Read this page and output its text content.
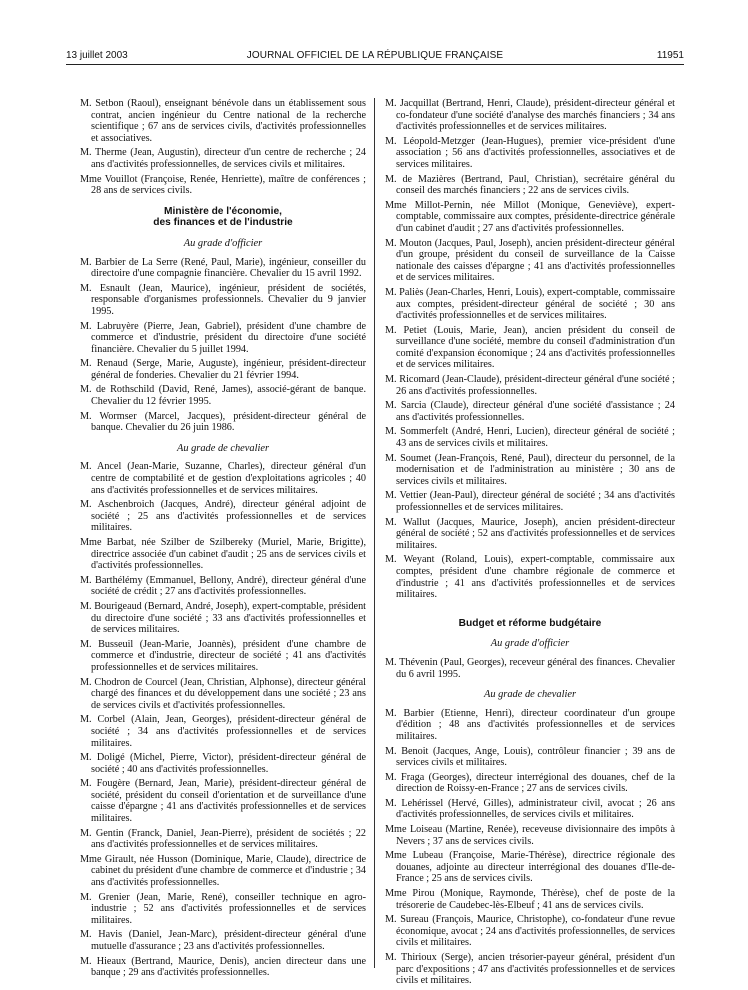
13 juillet 2003	JOURNAL OFFICIEL DE LA RÉPUBLIQUE FRANÇAISE	11951

M. Setbon (Raoul), enseignant bénévole dans un établissement sous contrat, ancien ingénieur du Centre national de la recherche scientifique ; 67 ans de services civils, d'activités professionnelles et associatives.

M. Therme (Jean, Augustin), directeur d'un centre de recherche ; 24 ans d'activités professionnelles, de services civils et militaires.

Mme Vouillot (Françoise, Renée, Henriette), maître de conférences ; 28 ans de services civils.

Ministère de l'économie,
des finances et de l'industrie
Au grade d'officier

M. Barbier de La Serre (René, Paul, Marie), ingénieur, conseiller du directoire d'une compagnie financière. Chevalier du 15 avril 1992.

M. Esnault (Jean, Maurice), ingénieur, président de sociétés, responsable d'organismes professionnels. Chevalier du 9 janvier 1995.

M. Labruyère (Pierre, Jean, Gabriel), président d'une chambre de commerce et d'industrie, président du directoire d'une société financière. Chevalier du 5 juillet 1994.

M. Renaud (Serge, Marie, Auguste), ingénieur, président-directeur général de fonderies. Chevalier du 21 février 1994.

M. de Rothschild (David, René, James), associé-gérant de banque. Chevalier du 12 février 1995.

M. Wormser (Marcel, Jacques), président-directeur général de banque. Chevalier du 26 juin 1986.

Au grade de chevalier

M. Ancel (Jean-Marie, Suzanne, Charles), directeur général d'un centre de comptabilité et de gestion d'exploitations agricoles ; 40 ans d'activités professionnelles et de services militaires.

M. Aschenbroich (Jacques, André), directeur général adjoint de société ; 25 ans d'activités professionnelles et de services militaires.

Mme Barbat, née Szilber de Szilbereky (Muriel, Marie, Brigitte), directrice associée d'un cabinet d'audit ; 25 ans de services civils et d'activités professionnelles.

M. Barthélémy (Emmanuel, Bellony, André), directeur général d'une société de crédit ; 27 ans d'activités professionnelles.

M. Bourigeaud (Bernard, André, Joseph), expert-comptable, président du directoire d'une société ; 33 ans d'activités professionnelles et de services militaires.

M. Busseuil (Jean-Marie, Joannès), président d'une chambre de commerce et d'industrie, directeur de société ; 41 ans d'activités professionnelles et de services militaires.

M. Chodron de Courcel (Jean, Christian, Alphonse), directeur général chargé des finances et du développement dans une société ; 23 ans de services civils et d'activités professionnelles.

M. Corbel (Alain, Jean, Georges), président-directeur général de société ; 34 ans d'activités professionnelles et de services militaires.

M. Doligé (Michel, Pierre, Victor), président-directeur général de société ; 40 ans d'activités professionnelles.

M. Fougère (Bernard, Jean, Marie), président-directeur général de société, président du conseil d'orientation et de surveillance d'une caisse d'épargne ; 41 ans d'activités professionnelles et de services militaires.

M. Gentin (Franck, Daniel, Jean-Pierre), président de sociétés ; 22 ans d'activités professionnelles et de services militaires.

Mme Girault, née Husson (Dominique, Marie, Claude), directrice de cabinet du président d'une chambre de commerce et d'industrie ; 34 ans d'activités professionnelles.

M. Grenier (Jean, Marie, René), conseiller technique en agro-industrie ; 52 ans d'activités professionnelles et de services militaires.

M. Havis (Daniel, Jean-Marc), président-directeur général d'une mutuelle d'assurance ; 23 ans d'activités professionnelles.

M. Hieaux (Bertrand, Maurice, Denis), ancien directeur dans une banque ; 29 ans d'activités professionnelles.

M. Jacquillat (Bertrand, Henri, Claude), président-directeur général et co-fondateur d'une société d'analyse des marchés financiers ; 34 ans d'activités professionnelles et de services militaires.

M. Léopold-Metzger (Jean-Hugues), premier vice-président d'une association ; 56 ans d'activités professionnelles, associatives et de services militaires.

M. de Mazières (Bertrand, Paul, Christian), secrétaire général du conseil des marchés financiers ; 22 ans de services civils.

Mme Millot-Pernin, née Millot (Monique, Geneviève), expert-comptable, commissaire aux comptes, présidente-directrice générale d'un cabinet d'audit ; 27 ans d'activités professionnelles.

M. Mouton (Jacques, Paul, Joseph), ancien président-directeur général d'un groupe, président du conseil de surveillance de la Caisse nationale des caisses d'épargne ; 41 ans d'activités professionnelles et de services militaires.

M. Paliès (Jean-Charles, Henri, Louis), expert-comptable, commissaire aux comptes, président-directeur général de société ; 30 ans d'activités professionnelles et de services militaires.

M. Petiet (Louis, Marie, Jean), ancien président du conseil de surveillance d'une société, membre du conseil d'administration d'un comité d'expansion économique ; 24 ans d'activités professionnelles et de services militaires.

M. Ricomard (Jean-Claude), président-directeur général d'une société ; 26 ans d'activités professionnelles.

M. Sarcia (Claude), directeur général d'une société d'assistance ; 24 ans d'activités professionnelles.

M. Sommerfelt (André, Henri, Lucien), directeur général de société ; 43 ans de services civils et militaires.

M. Soumet (Jean-François, René, Paul), directeur du personnel, de la modernisation et de l'administration au ministère ; 30 ans de services civils et militaires.

M. Vettier (Jean-Paul), directeur général de société ; 34 ans d'activités professionnelles et de services militaires.

M. Wallut (Jacques, Maurice, Joseph), ancien président-directeur général de société ; 52 ans d'activités professionnelles et de services militaires.

M. Weyant (Roland, Louis), expert-comptable, commissaire aux comptes, président d'une chambre régionale de commerce et d'industrie ; 41 ans d'activités professionnelles et de services militaires.

Budget et réforme budgétaire
Au grade d'officier

M. Thévenin (Paul, Georges), receveur général des finances. Chevalier du 6 avril 1995.

Au grade de chevalier

M. Barbier (Etienne, Henri), directeur coordinateur d'un groupe d'édition ; 48 ans d'activités professionnelles et de services militaires.

M. Benoit (Jacques, Ange, Louis), contrôleur financier ; 39 ans de services civils et militaires.

M. Fraga (Georges), directeur interrégional des douanes, chef de la direction de Roissy-en-France ; 27 ans de services civils.

M. Lehérissel (Hervé, Gilles), administrateur civil, avocat ; 26 ans d'activités professionnelles, de services civils et militaires.

Mme Loiseau (Martine, Renée), receveuse divisionnaire des impôts à Nevers ; 37 ans de services civils.

Mme Lubeau (Françoise, Marie-Thérèse), directrice régionale des douanes, adjointe au directeur interrégional des douanes d'Ile-de-France ; 25 ans de services civils.

Mme Pirou (Monique, Raymonde, Thérèse), chef de poste de la trésorerie de Caudebec-lès-Elbeuf ; 41 ans de services civils.

M. Sureau (François, Maurice, Christophe), co-fondateur d'une revue économique, avocat ; 24 ans d'activités professionnelles, de services civils et militaires.

M. Thirioux (Serge), ancien trésorier-payeur général, président d'un parc d'expositions ; 47 ans d'activités professionnelles et de services civils et militaires.
